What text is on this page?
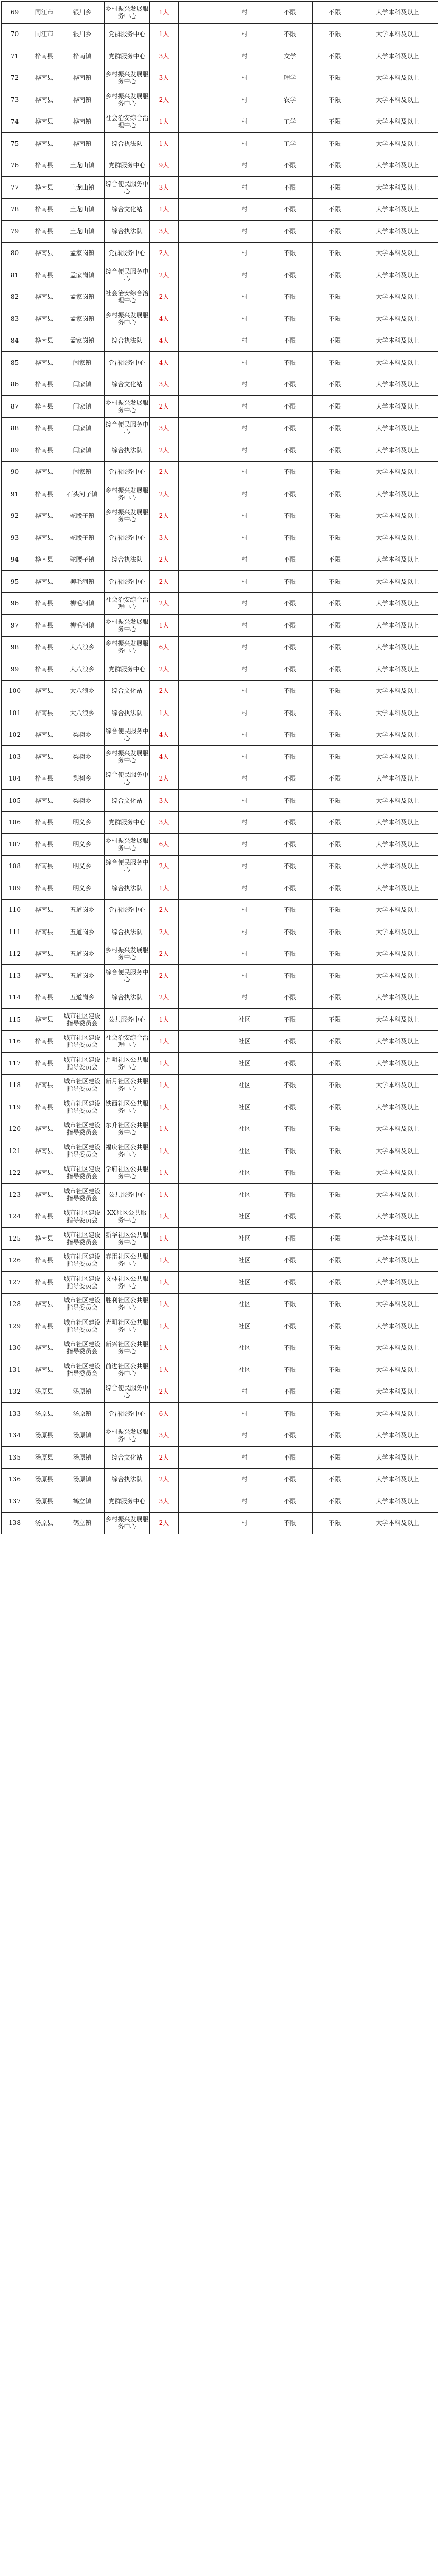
69	同江市	银川乡	乡村振兴发展服务中心	1人		村	不限	不限	大学本科及以上
70	同江市	银川乡	党群服务中心	1人		村	不限	不限	大学本科及以上
71	桦南县	桦南镇	党群服务中心	3人		村	文学	不限	大学本科及以上
72	桦南县	桦南镇	乡村振兴发展服务中心	3人		村	理学	不限	大学本科及以上
73	桦南县	桦南镇	乡村振兴发展服务中心	2人		村	农学	不限	大学本科及以上
74	桦南县	桦南镇	社会治安综合治理中心	1人		村	工学	不限	大学本科及以上
75	桦南县	桦南镇	综合执法队	1人		村	工学	不限	大学本科及以上
76	桦南县	土龙山镇	党群服务中心	9人		村	不限	不限	大学本科及以上
77	桦南县	土龙山镇	综合便民服务中心	3人		村	不限	不限	大学本科及以上
78	桦南县	土龙山镇	综合文化站	1人		村	不限	不限	大学本科及以上
79	桦南县	土龙山镇	综合执法队	3人		村	不限	不限	大学本科及以上
80	桦南县	孟家岗镇	党群服务中心	2人		村	不限	不限	大学本科及以上
81	桦南县	孟家岗镇	综合便民服务中心	2人		村	不限	不限	大学本科及以上
82	桦南县	孟家岗镇	社会治安综合治理中心	2人		村	不限	不限	大学本科及以上
83	桦南县	孟家岗镇	乡村振兴发展服务中心	4人		村	不限	不限	大学本科及以上
84	桦南县	孟家岗镇	综合执法队	4人		村	不限	不限	大学本科及以上
85	桦南县	闫家镇	党群服务中心	4人		村	不限	不限	大学本科及以上
86	桦南县	闫家镇	综合文化站	3人		村	不限	不限	大学本科及以上
87	桦南县	闫家镇	乡村振兴发展服务中心	2人		村	不限	不限	大学本科及以上
88	桦南县	闫家镇	综合便民服务中心	3人		村	不限	不限	大学本科及以上
89	桦南县	闫家镇	综合执法队	2人		村	不限	不限	大学本科及以上
90	桦南县	闫家镇	党群服务中心	2人		村	不限	不限	大学本科及以上
91	桦南县	石头河子镇	乡村振兴发展服务中心	2人		村	不限	不限	大学本科及以上
92	桦南县	驼腰子镇	乡村振兴发展服务中心	2人		村	不限	不限	大学本科及以上
93	桦南县	驼腰子镇	党群服务中心	3人		村	不限	不限	大学本科及以上
94	桦南县	驼腰子镇	综合执法队	2人		村	不限	不限	大学本科及以上
95	桦南县	柳毛河镇	党群服务中心	2人		村	不限	不限	大学本科及以上
96	桦南县	柳毛河镇	社会治安综合治理中心	2人		村	不限	不限	大学本科及以上
97	桦南县	柳毛河镇	乡村振兴发展服务中心	1人		村	不限	不限	大学本科及以上
98	桦南县	大八浪乡	乡村振兴发展服务中心	6人		村	不限	不限	大学本科及以上
99	桦南县	大八浪乡	党群服务中心	2人		村	不限	不限	大学本科及以上
100	桦南县	大八浪乡	综合文化站	2人		村	不限	不限	大学本科及以上
101	桦南县	大八浪乡	综合执法队	1人		村	不限	不限	大学本科及以上
102	桦南县	梨树乡	综合便民服务中心	4人		村	不限	不限	大学本科及以上
103	桦南县	梨树乡	乡村振兴发展服务中心	4人		村	不限	不限	大学本科及以上
104	桦南县	梨树乡	综合便民服务中心	2人		村	不限	不限	大学本科及以上
105	桦南县	梨树乡	综合文化站	3人		村	不限	不限	大学本科及以上
106	桦南县	明义乡	党群服务中心	3人		村	不限	不限	大学本科及以上
107	桦南县	明义乡	乡村振兴发展服务中心	6人		村	不限	不限	大学本科及以上
108	桦南县	明义乡	综合便民服务中心	2人		村	不限	不限	大学本科及以上
109	桦南县	明义乡	综合执法队	1人		村	不限	不限	大学本科及以上
110	桦南县	五道岗乡	党群服务中心	2人		村	不限	不限	大学本科及以上
111	桦南县	五道岗乡	综合执法队	2人		村	不限	不限	大学本科及以上
112	桦南县	五道岗乡	乡村振兴发展服务中心	2人		村	不限	不限	大学本科及以上
113	桦南县	五道岗乡	综合便民服务中心	2人		村	不限	不限	大学本科及以上
114	桦南县	五道岗乡	综合执法队	2人		村	不限	不限	大学本科及以上
115	桦南县	城市社区建设指导委员会	公共服务中心	1人		社区	不限	不限	大学本科及以上
116	桦南县	城市社区建设指导委员会	社会治安综合治理中心	1人		社区	不限	不限	大学本科及以上
117	桦南县	城市社区建设指导委员会	月明社区公共服务中心	1人		社区	不限	不限	大学本科及以上
118	桦南县	城市社区建设指导委员会	新月社区公共服务中心	1人		社区	不限	不限	大学本科及以上
119	桦南县	城市社区建设指导委员会	铁西社区公共服务中心	1人		社区	不限	不限	大学本科及以上
120	桦南县	城市社区建设指导委员会	东升社区公共服务中心	1人		社区	不限	不限	大学本科及以上
121	桦南县	城市社区建设指导委员会	福庆社区公共服务中心	1人		社区	不限	不限	大学本科及以上
122	桦南县	城市社区建设指导委员会	学府社区公共服务中心	1人		社区	不限	不限	大学本科及以上
123	桦南县	城市社区建设指导委员会	公共服务中心	1人		社区	不限	不限	大学本科及以上
124	桦南县	城市社区建设指导委员会	XX社区公共服务中心	1人		社区	不限	不限	大学本科及以上
125	桦南县	城市社区建设指导委员会	新华社区公共服务中心	1人		社区	不限	不限	大学本科及以上
126	桦南县	城市社区建设指导委员会	春雷社区公共服务中心	1人		社区	不限	不限	大学本科及以上
127	桦南县	城市社区建设指导委员会	文林社区公共服务中心	1人		社区	不限	不限	大学本科及以上
128	桦南县	城市社区建设指导委员会	胜利社区公共服务中心	1人		社区	不限	不限	大学本科及以上
129	桦南县	城市社区建设指导委员会	光明社区公共服务中心	1人		社区	不限	不限	大学本科及以上
130	桦南县	城市社区建设指导委员会	新兴社区公共服务中心	1人		社区	不限	不限	大学本科及以上
131	桦南县	城市社区建设指导委员会	前进社区公共服务中心	1人		社区	不限	不限	大学本科及以上
132	汤原县	汤原镇	综合便民服务中心	2人		村	不限	不限	大学本科及以上
133	汤原县	汤原镇	党群服务中心	6人		村	不限	不限	大学本科及以上
134	汤原县	汤原镇	乡村振兴发展服务中心	3人		村	不限	不限	大学本科及以上
135	汤原县	汤原镇	综合文化站	2人		村	不限	不限	大学本科及以上
136	汤原县	汤原镇	综合执法队	2人		村	不限	不限	大学本科及以上
137	汤原县	鹤立镇	党群服务中心	3人		村	不限	不限	大学本科及以上
138	汤原县	鹤立镇	乡村振兴发展服务中心	2人		村	不限	不限	大学本科及以上
